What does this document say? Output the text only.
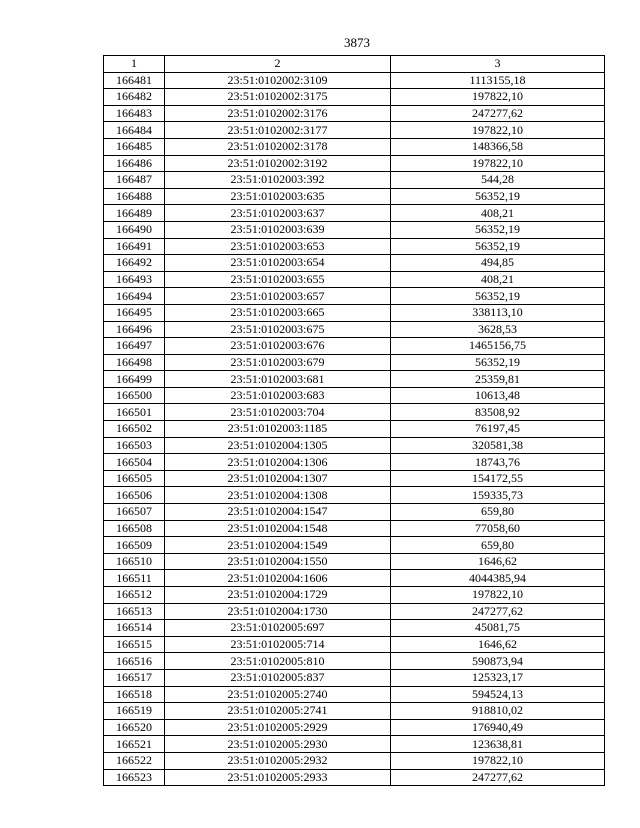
3873
1	2	3
166481	23:51:0102002:3109	1113155,18
166482	23:51:0102002:3175	197822,10
166483	23:51:0102002:3176	247277,62
166484	23:51:0102002:3177	197822,10
166485	23:51:0102002:3178	148366,58
166486	23:51:0102002:3192	197822,10
166487	23:51:0102003:392	544,28
166488	23:51:0102003:635	56352,19
166489	23:51:0102003:637	408,21
166490	23:51:0102003:639	56352,19
166491	23:51:0102003:653	56352,19
166492	23:51:0102003:654	494,85
166493	23:51:0102003:655	408,21
166494	23:51:0102003:657	56352,19
166495	23:51:0102003:665	338113,10
166496	23:51:0102003:675	3628,53
166497	23:51:0102003:676	1465156,75
166498	23:51:0102003:679	56352,19
166499	23:51:0102003:681	25359,81
166500	23:51:0102003:683	10613,48
166501	23:51:0102003:704	83508,92
166502	23:51:0102003:1185	76197,45
166503	23:51:0102004:1305	320581,38
166504	23:51:0102004:1306	18743,76
166505	23:51:0102004:1307	154172,55
166506	23:51:0102004:1308	159335,73
166507	23:51:0102004:1547	659,80
166508	23:51:0102004:1548	77058,60
166509	23:51:0102004:1549	659,80
166510	23:51:0102004:1550	1646,62
166511	23:51:0102004:1606	4044385,94
166512	23:51:0102004:1729	197822,10
166513	23:51:0102004:1730	247277,62
166514	23:51:0102005:697	45081,75
166515	23:51:0102005:714	1646,62
166516	23:51:0102005:810	590873,94
166517	23:51:0102005:837	125323,17
166518	23:51:0102005:2740	594524,13
166519	23:51:0102005:2741	918810,02
166520	23:51:0102005:2929	176940,49
166521	23:51:0102005:2930	123638,81
166522	23:51:0102005:2932	197822,10
166523	23:51:0102005:2933	247277,62
